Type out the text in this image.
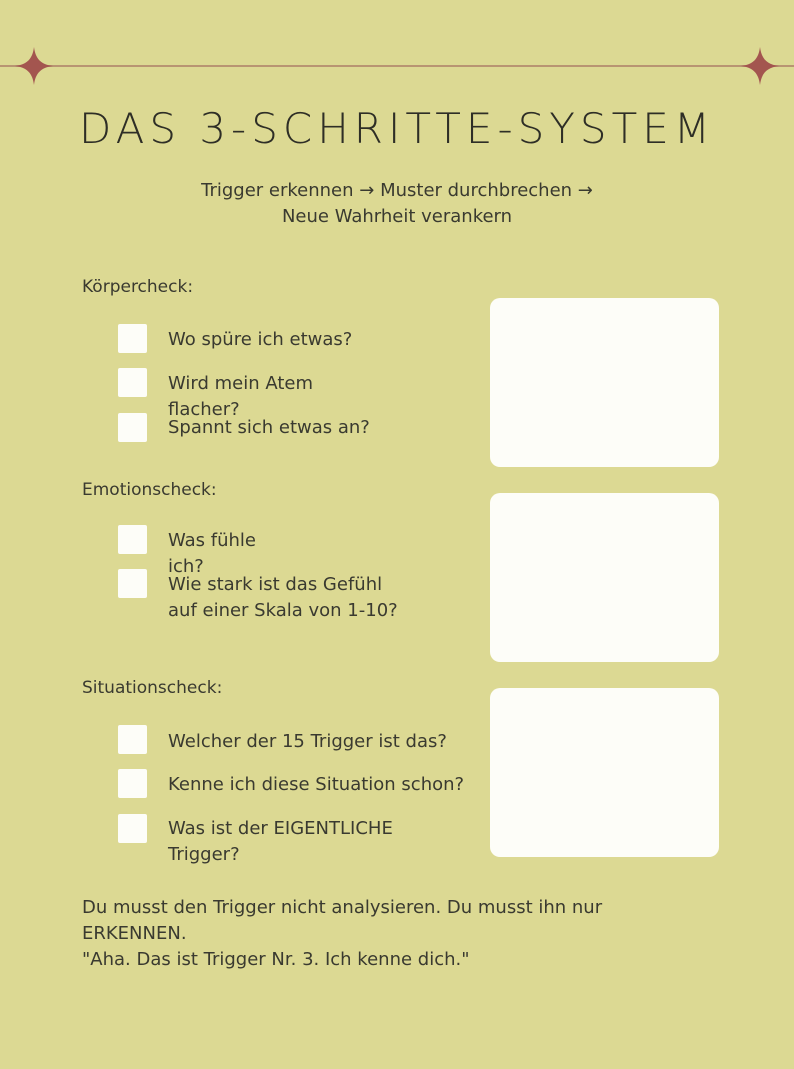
DAS 3-SCHRITTE-SYSTEM
Trigger erkennen → Muster durchbrechen →
Neue Wahrheit verankern
Körpercheck:
Wo spüre ich etwas?
Wird mein Atem
flacher?
Spannt sich etwas an?
Emotionscheck:
Was fühle
ich?
Wie stark ist das Gefühl
auf einer Skala von 1-10?
Situationscheck:
Welcher der 15 Trigger ist das?
Kenne ich diese Situation schon?
Was ist der EIGENTLICHE
Trigger?
Du musst den Trigger nicht analysieren. Du musst ihn nur
ERKENNEN.
"Aha. Das ist Trigger Nr. 3. Ich kenne dich."
